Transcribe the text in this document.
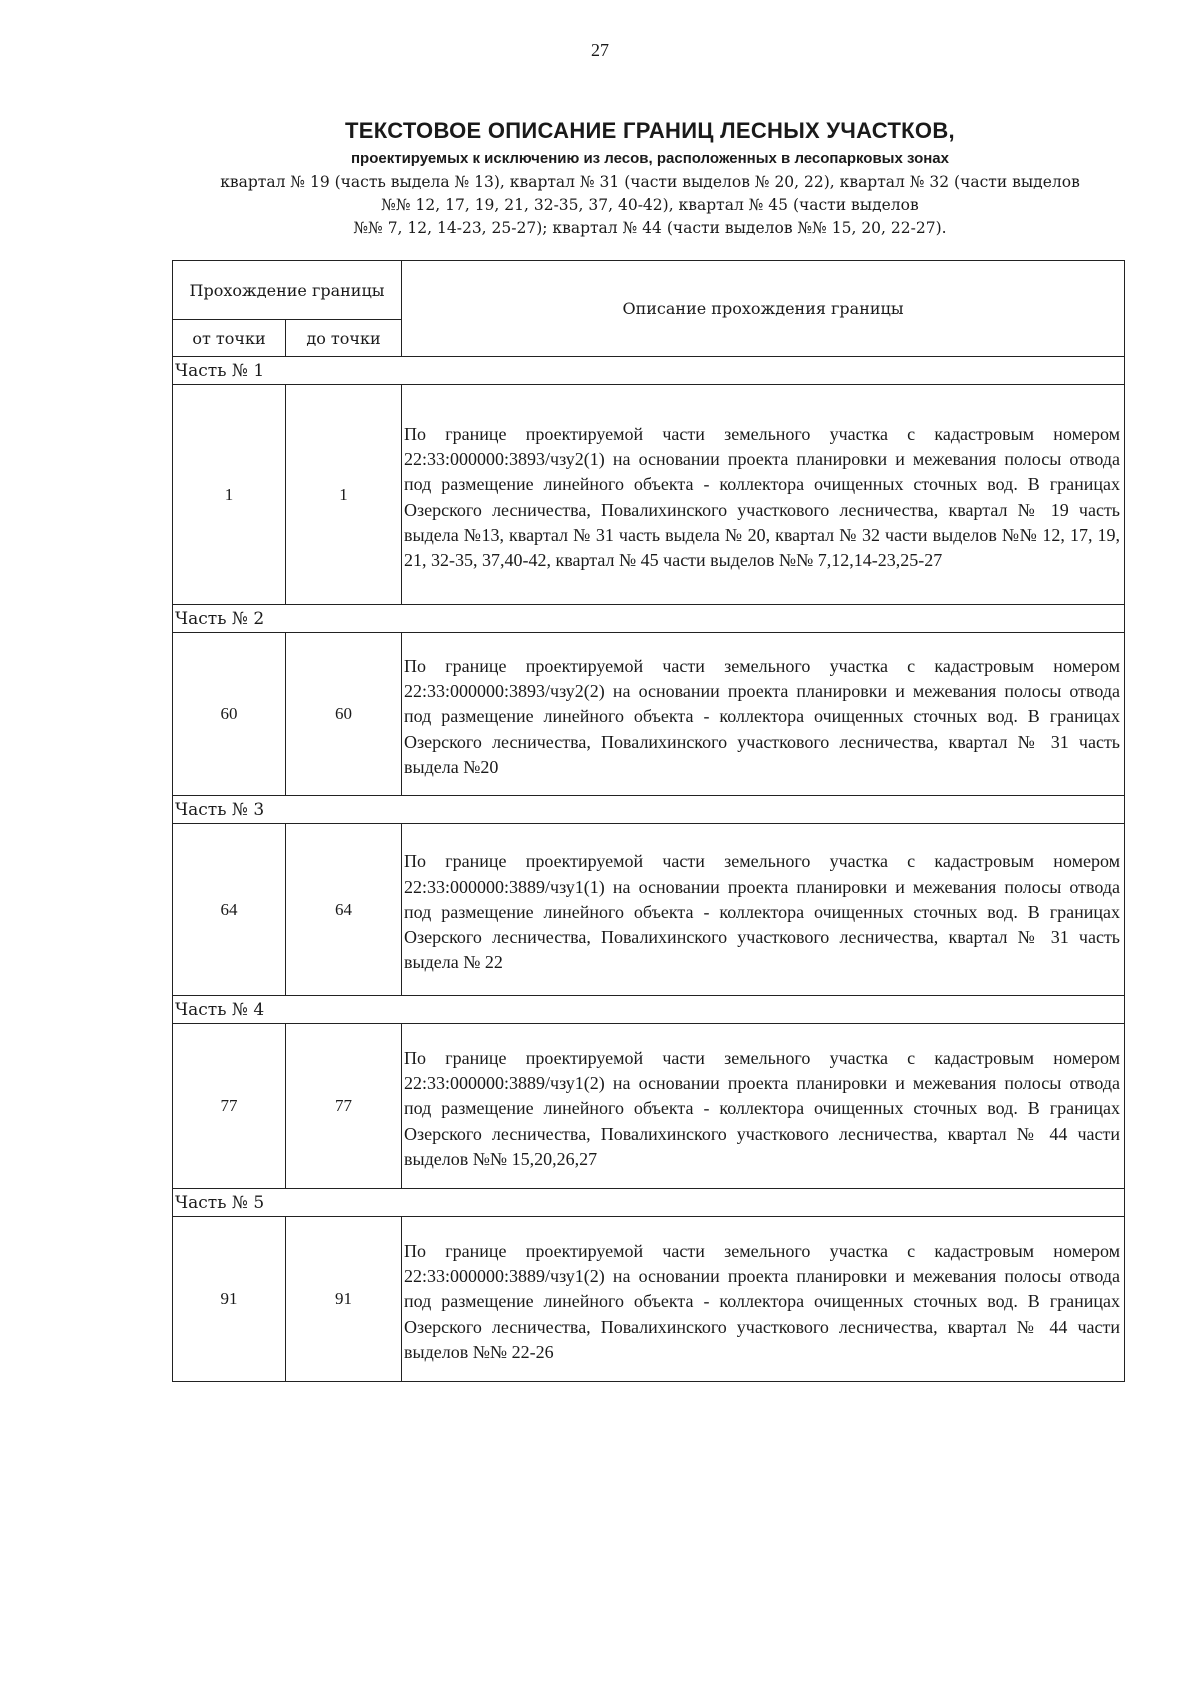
27
ТЕКСТОВОЕ ОПИСАНИЕ ГРАНИЦ ЛЕСНЫХ УЧАСТКОВ,
проектируемых к исключению из лесов, расположенных в лесопарковых зонах
квартал № 19 (часть выдела № 13), квартал № 31 (части выделов № 20, 22), квартал № 32 (части выделов
№№ 12, 17, 19, 21, 32-35, 37, 40-42), квартал № 45 (части выделов
№№ 7, 12, 14-23, 25-27); квартал № 44 (части выделов №№ 15, 20, 22-27).
Прохождение границы		Описание прохождения границы
от точки	до точки	
Часть № 1		
1	1	По границе проектируемой части земельного участка с кадастровым номером 22:33:000000:3893/чзу2(1) на основании проекта планировки и межевания полосы отвода под размещение линейного объекта - коллектора очищенных сточных вод. В границах Озерского лесничества, Повалихинского участкового лесничества, квартал № 19 часть выдела №13, квартал № 31 часть выдела № 20, квартал № 32 части выделов №№ 12, 17, 19, 21, 32-35, 37,40-42, квартал № 45 части выделов №№ 7,12,14-23,25-27
Часть № 2		
60	60	По границе проектируемой части земельного участка с кадастровым номером 22:33:000000:3893/чзу2(2) на основании проекта планировки и межевания полосы отвода под размещение линейного объекта - коллектора очищенных сточных вод. В границах Озерского лесничества, Повалихинского участкового лесничества, квартал № 31 часть выдела №20
Часть № 3		
64	64	По границе проектируемой части земельного участка с кадастровым номером 22:33:000000:3889/чзу1(1) на основании проекта планировки и межевания полосы отвода под размещение линейного объекта - коллектора очищенных сточных вод. В границах Озерского лесничества, Повалихинского участкового лесничества, квартал № 31 часть выдела № 22
Часть № 4		
77	77	По границе проектируемой части земельного участка с кадастровым номером 22:33:000000:3889/чзу1(2) на основании проекта планировки и межевания полосы отвода под размещение линейного объекта - коллектора очищенных сточных вод. В границах Озерского лесничества, Повалихинского участкового лесничества, квартал № 44 части выделов №№ 15,20,26,27
Часть № 5		
91	91	По границе проектируемой части земельного участка с кадастровым номером 22:33:000000:3889/чзу1(2) на основании проекта планировки и межевания полосы отвода под размещение линейного объекта - коллектора очищенных сточных вод. В границах Озерского лесничества, Повалихинского участкового лесничества, квартал № 44 части выделов №№ 22-26
